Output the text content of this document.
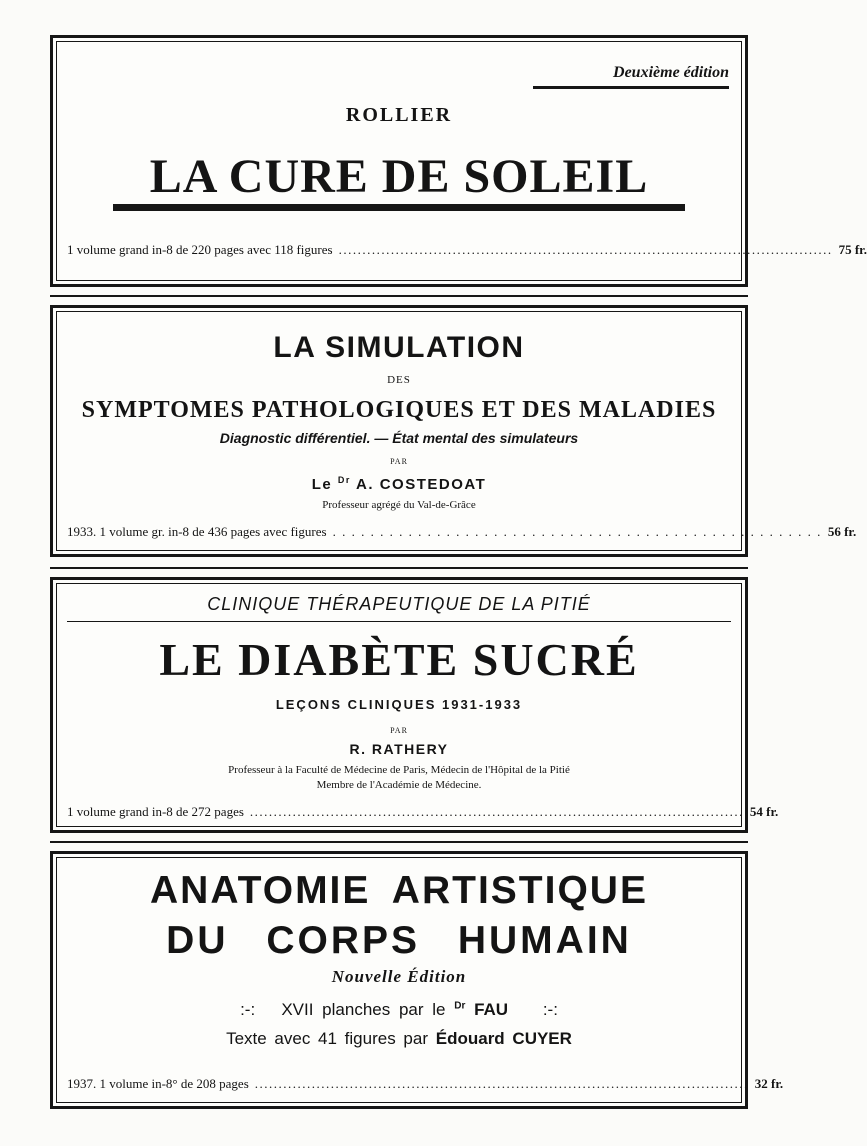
Deuxième édition
ROLLIER
LA CURE DE SOLEIL
1 volume grand in-8 de 220 pages avec 118 figures ........................................................................................................ 75 fr.
LA SIMULATION
DES
SYMPTOMES PATHOLOGIQUES ET DES MALADIES
Diagnostic différentiel. — État mental des simulateurs
PAR
Le $^{Dr}$ A. COSTEDOAT
Professeur agrégé du Val-de-Grâce
1933. 1 volume gr. in-8 de 436 pages avec figures . . . . . . . . . . . . . . . . . . . . . . . . . . . . . . . . . . . . . . . . . . . . . . . . . . . . 56 fr.
CLINIQUE THÉRAPEUTIQUE DE LA PITIÉ
LE DIABÈTE SUCRÉ
LEÇONS CLINIQUES 1931-1933
PAR
R. RATHERY
Professeur à la Faculté de Médecine de Paris, Médecin de l'Hôpital de la Pitié
Membre de l'Académie de Médecine.
1 volume grand in-8 de 272 pages ........................................................................................................ 54 fr.
ANATOMIE ARTISTIQUE
DU CORPS HUMAIN
Nouvelle Édition
:-:   XVII planches par le $^{Dr}$ FAU :-:
Texte avec 41 figures par Édouard CUYER
1937. 1 volume in-8° de 208 pages ........................................................................................................ 32 fr.
